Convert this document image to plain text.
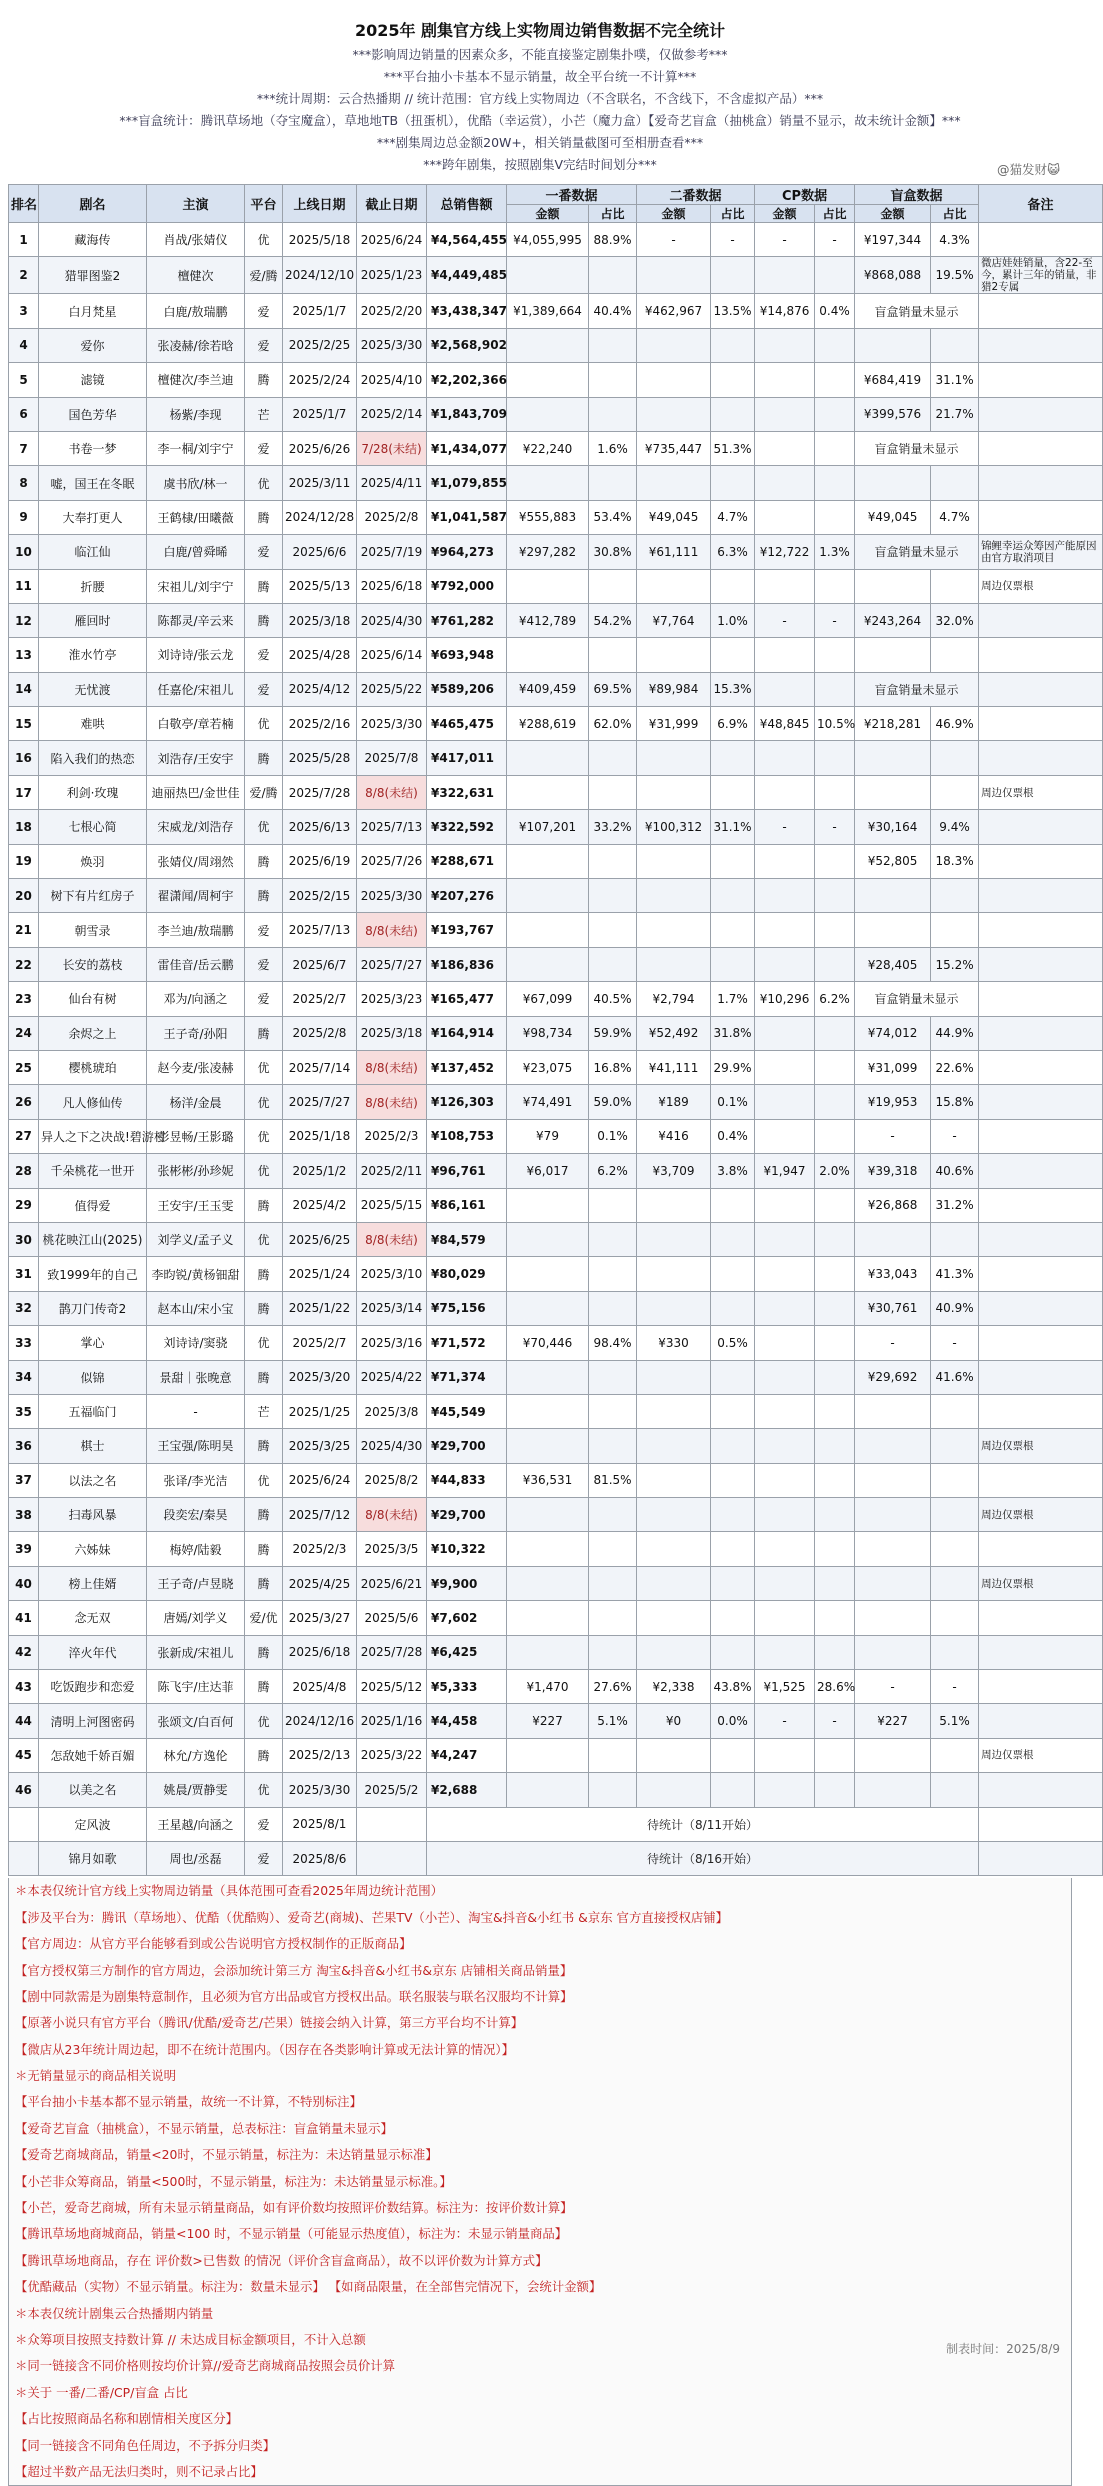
2025年 剧集官方线上实物周边销售数据不完全统计
***影响周边销量的因素众多，不能直接鉴定剧集扑噗，仅做参考***
***平台抽小卡基本不显示销量，故全平台统一不计算***
***统计周期：云合热播期 // 统计范围：官方线上实物周边（不含联名，不含线下，不含虚拟产品）***
***盲盒统计：腾讯草场地（夺宝魔盒），草地地TB（扭蛋机），优酷（幸运赏），小芒（魔力盒）【爱奇艺盲盒（抽桃盒）销量不显示，故未统计金额】***
***剧集周边总金额20W+，相关销量截图可至相册查看***
***跨年剧集，按照剧集V完结时间划分***	@猫发财😺
排名	剧名	主演	平台	上线日期	截止日期	总销售额	一番数据		二番数据		CP数据		盲盒数据		备注
							金额	占比	金额	占比	金额	占比	金额	占比	
1	藏海传	肖战/张婧仪	优	2025/5/18	2025/6/24	¥4,564,455	¥4,055,995	88.9%	-	-	-	-	¥197,344	4.3%	
2	猎罪图鉴2	檀健次	爱/腾	2024/12/10	2025/1/23	¥4,449,485							¥868,088	19.5%	微店娃娃销量，含22-至今，累计三年的销量，非猎2专属
3	白月梵星	白鹿/敖瑞鹏	爱	2025/1/7	2025/2/20	¥3,438,347	¥1,389,664	40.4%	¥462,967	13.5%	¥14,876	0.4%	盲盒销量未显示		
4	爱你	张凌赫/徐若晗	爱	2025/2/25	2025/3/30	¥2,568,902									
5	滤镜	檀健次/李兰迪	腾	2025/2/24	2025/4/10	¥2,202,366							¥684,419	31.1%	
6	国色芳华	杨紫/李现	芒	2025/1/7	2025/2/14	¥1,843,709							¥399,576	21.7%	
7	书卷一梦	李一桐/刘宇宁	爱	2025/6/26	7/28(未结)	¥1,434,077	¥22,240	1.6%	¥735,447	51.3%			盲盒销量未显示		
8	嘘，国王在冬眠	虞书欣/林一	优	2025/3/11	2025/4/11	¥1,079,855									
9	大奉打更人	王鹤棣/田曦薇	腾	2024/12/28	2025/2/8	¥1,041,587	¥555,883	53.4%	¥49,045	4.7%			¥49,045	4.7%	
10	临江仙	白鹿/曾舜晞	爱	2025/6/6	2025/7/19	¥964,273	¥297,282	30.8%	¥61,111	6.3%	¥12,722	1.3%	盲盒销量未显示		锦鲤幸运众筹因产能原因由官方取消项目
11	折腰	宋祖儿/刘宇宁	腾	2025/5/13	2025/6/18	¥792,000									周边仅票根
12	雁回时	陈都灵/辛云来	腾	2025/3/18	2025/4/30	¥761,282	¥412,789	54.2%	¥7,764	1.0%	-	-	¥243,264	32.0%	
13	淮水竹亭	刘诗诗/张云龙	爱	2025/4/28	2025/6/14	¥693,948									
14	无忧渡	任嘉伦/宋祖儿	爱	2025/4/12	2025/5/22	¥589,206	¥409,459	69.5%	¥89,984	15.3%			盲盒销量未显示		
15	难哄	白敬亭/章若楠	优	2025/2/16	2025/3/30	¥465,475	¥288,619	62.0%	¥31,999	6.9%	¥48,845	10.5%	¥218,281	46.9%	
16	陷入我们的热恋	刘浩存/王安宇	腾	2025/5/28	2025/7/8	¥417,011									
17	利剑·玫瑰	迪丽热巴/金世佳	爱/腾	2025/7/28	8/8(未结)	¥322,631									周边仅票根
18	七根心简	宋威龙/刘浩存	优	2025/6/13	2025/7/13	¥322,592	¥107,201	33.2%	¥100,312	31.1%	-	-	¥30,164	9.4%	
19	焕羽	张婧仪/周翊然	腾	2025/6/19	2025/7/26	¥288,671							¥52,805	18.3%	
20	树下有片红房子	翟潇闻/周柯宇	腾	2025/2/15	2025/3/30	¥207,276									
21	朝雪录	李兰迪/敖瑞鹏	爱	2025/7/13	8/8(未结)	¥193,767									
22	长安的荔枝	雷佳音/岳云鹏	爱	2025/6/7	2025/7/27	¥186,836							¥28,405	15.2%	
23	仙台有树	邓为/向涵之	爱	2025/2/7	2025/3/23	¥165,477	¥67,099	40.5%	¥2,794	1.7%	¥10,296	6.2%	盲盒销量未显示		
24	余烬之上	王子奇/孙阳	腾	2025/2/8	2025/3/18	¥164,914	¥98,734	59.9%	¥52,492	31.8%			¥74,012	44.9%	
25	樱桃琥珀	赵今麦/张凌赫	优	2025/7/14	8/8(未结)	¥137,452	¥23,075	16.8%	¥41,111	29.9%			¥31,099	22.6%	
26	凡人修仙传	杨洋/金晨	优	2025/7/27	8/8(未结)	¥126,303	¥74,491	59.0%	¥189	0.1%			¥19,953	15.8%	
27	异人之下之决战!碧游村	彭昱畅/王影璐	优	2025/1/18	2025/2/3	¥108,753	¥79	0.1%	¥416	0.4%			-	-	
28	千朵桃花一世开	张彬彬/孙珍妮	优	2025/1/2	2025/2/11	¥96,761	¥6,017	6.2%	¥3,709	3.8%	¥1,947	2.0%	¥39,318	40.6%	
29	值得爱	王安宇/王玉雯	腾	2025/4/2	2025/5/15	¥86,161							¥26,868	31.2%	
30	桃花映江山(2025)	刘学义/孟子义	优	2025/6/25	8/8(未结)	¥84,579									
31	致1999年的自己	李昀锐/黄杨钿甜	腾	2025/1/24	2025/3/10	¥80,029							¥33,043	41.3%	
32	鹊刀门传奇2	赵本山/宋小宝	腾	2025/1/22	2025/3/14	¥75,156							¥30,761	40.9%	
33	掌心	刘诗诗/窦骁	优	2025/2/7	2025/3/16	¥71,572	¥70,446	98.4%	¥330	0.5%			-	-	
34	似锦	景甜｜张晚意	腾	2025/3/20	2025/4/22	¥71,374							¥29,692	41.6%	
35	五福临门	-	芒	2025/1/25	2025/3/8	¥45,549									
36	棋士	王宝强/陈明昊	腾	2025/3/25	2025/4/30	¥29,700									周边仅票根
37	以法之名	张译/李光洁	优	2025/6/24	2025/8/2	¥44,833	¥36,531	81.5%							
38	扫毒风暴	段奕宏/秦昊	腾	2025/7/12	8/8(未结)	¥29,700									周边仅票根
39	六姊妹	梅婷/陆毅	腾	2025/2/3	2025/3/5	¥10,322									
40	榜上佳婿	王子奇/卢昱晓	腾	2025/4/25	2025/6/21	¥9,900									周边仅票根
41	念无双	唐嫣/刘学义	爱/优	2025/3/27	2025/5/6	¥7,602									
42	淬火年代	张新成/宋祖儿	腾	2025/6/18	2025/7/28	¥6,425									
43	吃饭跑步和恋爱	陈飞宇/庄达菲	腾	2025/4/8	2025/5/12	¥5,333	¥1,470	27.6%	¥2,338	43.8%	¥1,525	28.6%	-	-	
44	清明上河图密码	张颂文/白百何	优	2024/12/16	2025/1/16	¥4,458	¥227	5.1%	¥0	0.0%	-	-	¥227	5.1%	
45	怎敌她千娇百媚	林允/方逸伦	腾	2025/2/13	2025/3/22	¥4,247									周边仅票根
46	以美之名	姚晨/贾静雯	优	2025/3/30	2025/5/2	¥2,688									
	定风波	王星越/向涵之	爱	2025/8/1		待统计（8/11开始）									
	锦月如歌	周也/丞磊	爱	2025/8/6		待统计（8/16开始）									
＊本表仅统计官方线上实物周边销量（具体范围可查看2025年周边统计范围）
【涉及平台为：腾讯（草场地）、优酷（优酷购）、爱奇艺(商城)、芒果TV（小芒）、淘宝&抖音&小红书 &京东 官方直接授权店铺】
【官方周边：从官方平台能够看到或公告说明官方授权制作的正版商品】
【官方授权第三方制作的官方周边，会添加统计第三方 淘宝&抖音&小红书&京东 店铺相关商品销量】
【剧中同款需是为剧集特意制作，且必须为官方出品或官方授权出品。联名服装与联名汉服均不计算】
【原著小说只有官方平台（腾讯/优酷/爱奇艺/芒果）链接会纳入计算，第三方平台均不计算】
【微店从23年统计周边起，即不在统计范围内。（因存在各类影响计算或无法计算的情况）】
＊无销量显示的商品相关说明
【平台抽小卡基本都不显示销量，故统一不计算，不特别标注】
【爱奇艺盲盒（抽桃盒），不显示销量，总表标注：盲盒销量未显示】
【爱奇艺商城商品，销量<20时，不显示销量，标注为：未达销量显示标准】
【小芒非众筹商品，销量<500时，不显示销量，标注为：未达销量显示标准。】
【小芒，爱奇艺商城，所有未显示销量商品，如有评价数均按照评价数结算。标注为：按评价数计算】
【腾讯草场地商城商品，销量<100 时，不显示销量（可能显示热度值），标注为：未显示销量商品】
【腾讯草场地商品，存在 评价数>已售数 的情况（评价含盲盒商品），故不以评价数为计算方式】
【优酷藏品（实物）不显示销量。标注为：数量未显示】 【如商品限量，在全部售完情况下，会统计金额】
＊本表仅统计剧集云合热播期内销量
＊众筹项目按照支持数计算 // 未达成目标金额项目，不计入总额
＊同一链接含不同价格则按均价计算//爱奇艺商城商品按照会员价计算
＊关于 一番/二番/CP/盲盒 占比
【占比按照商品名称和剧情相关度区分】
【同一链接含不同角色任周边，不予拆分归类】
【超过半数产品无法归类时，则不记录占比】
制表时间：2025/8/9
